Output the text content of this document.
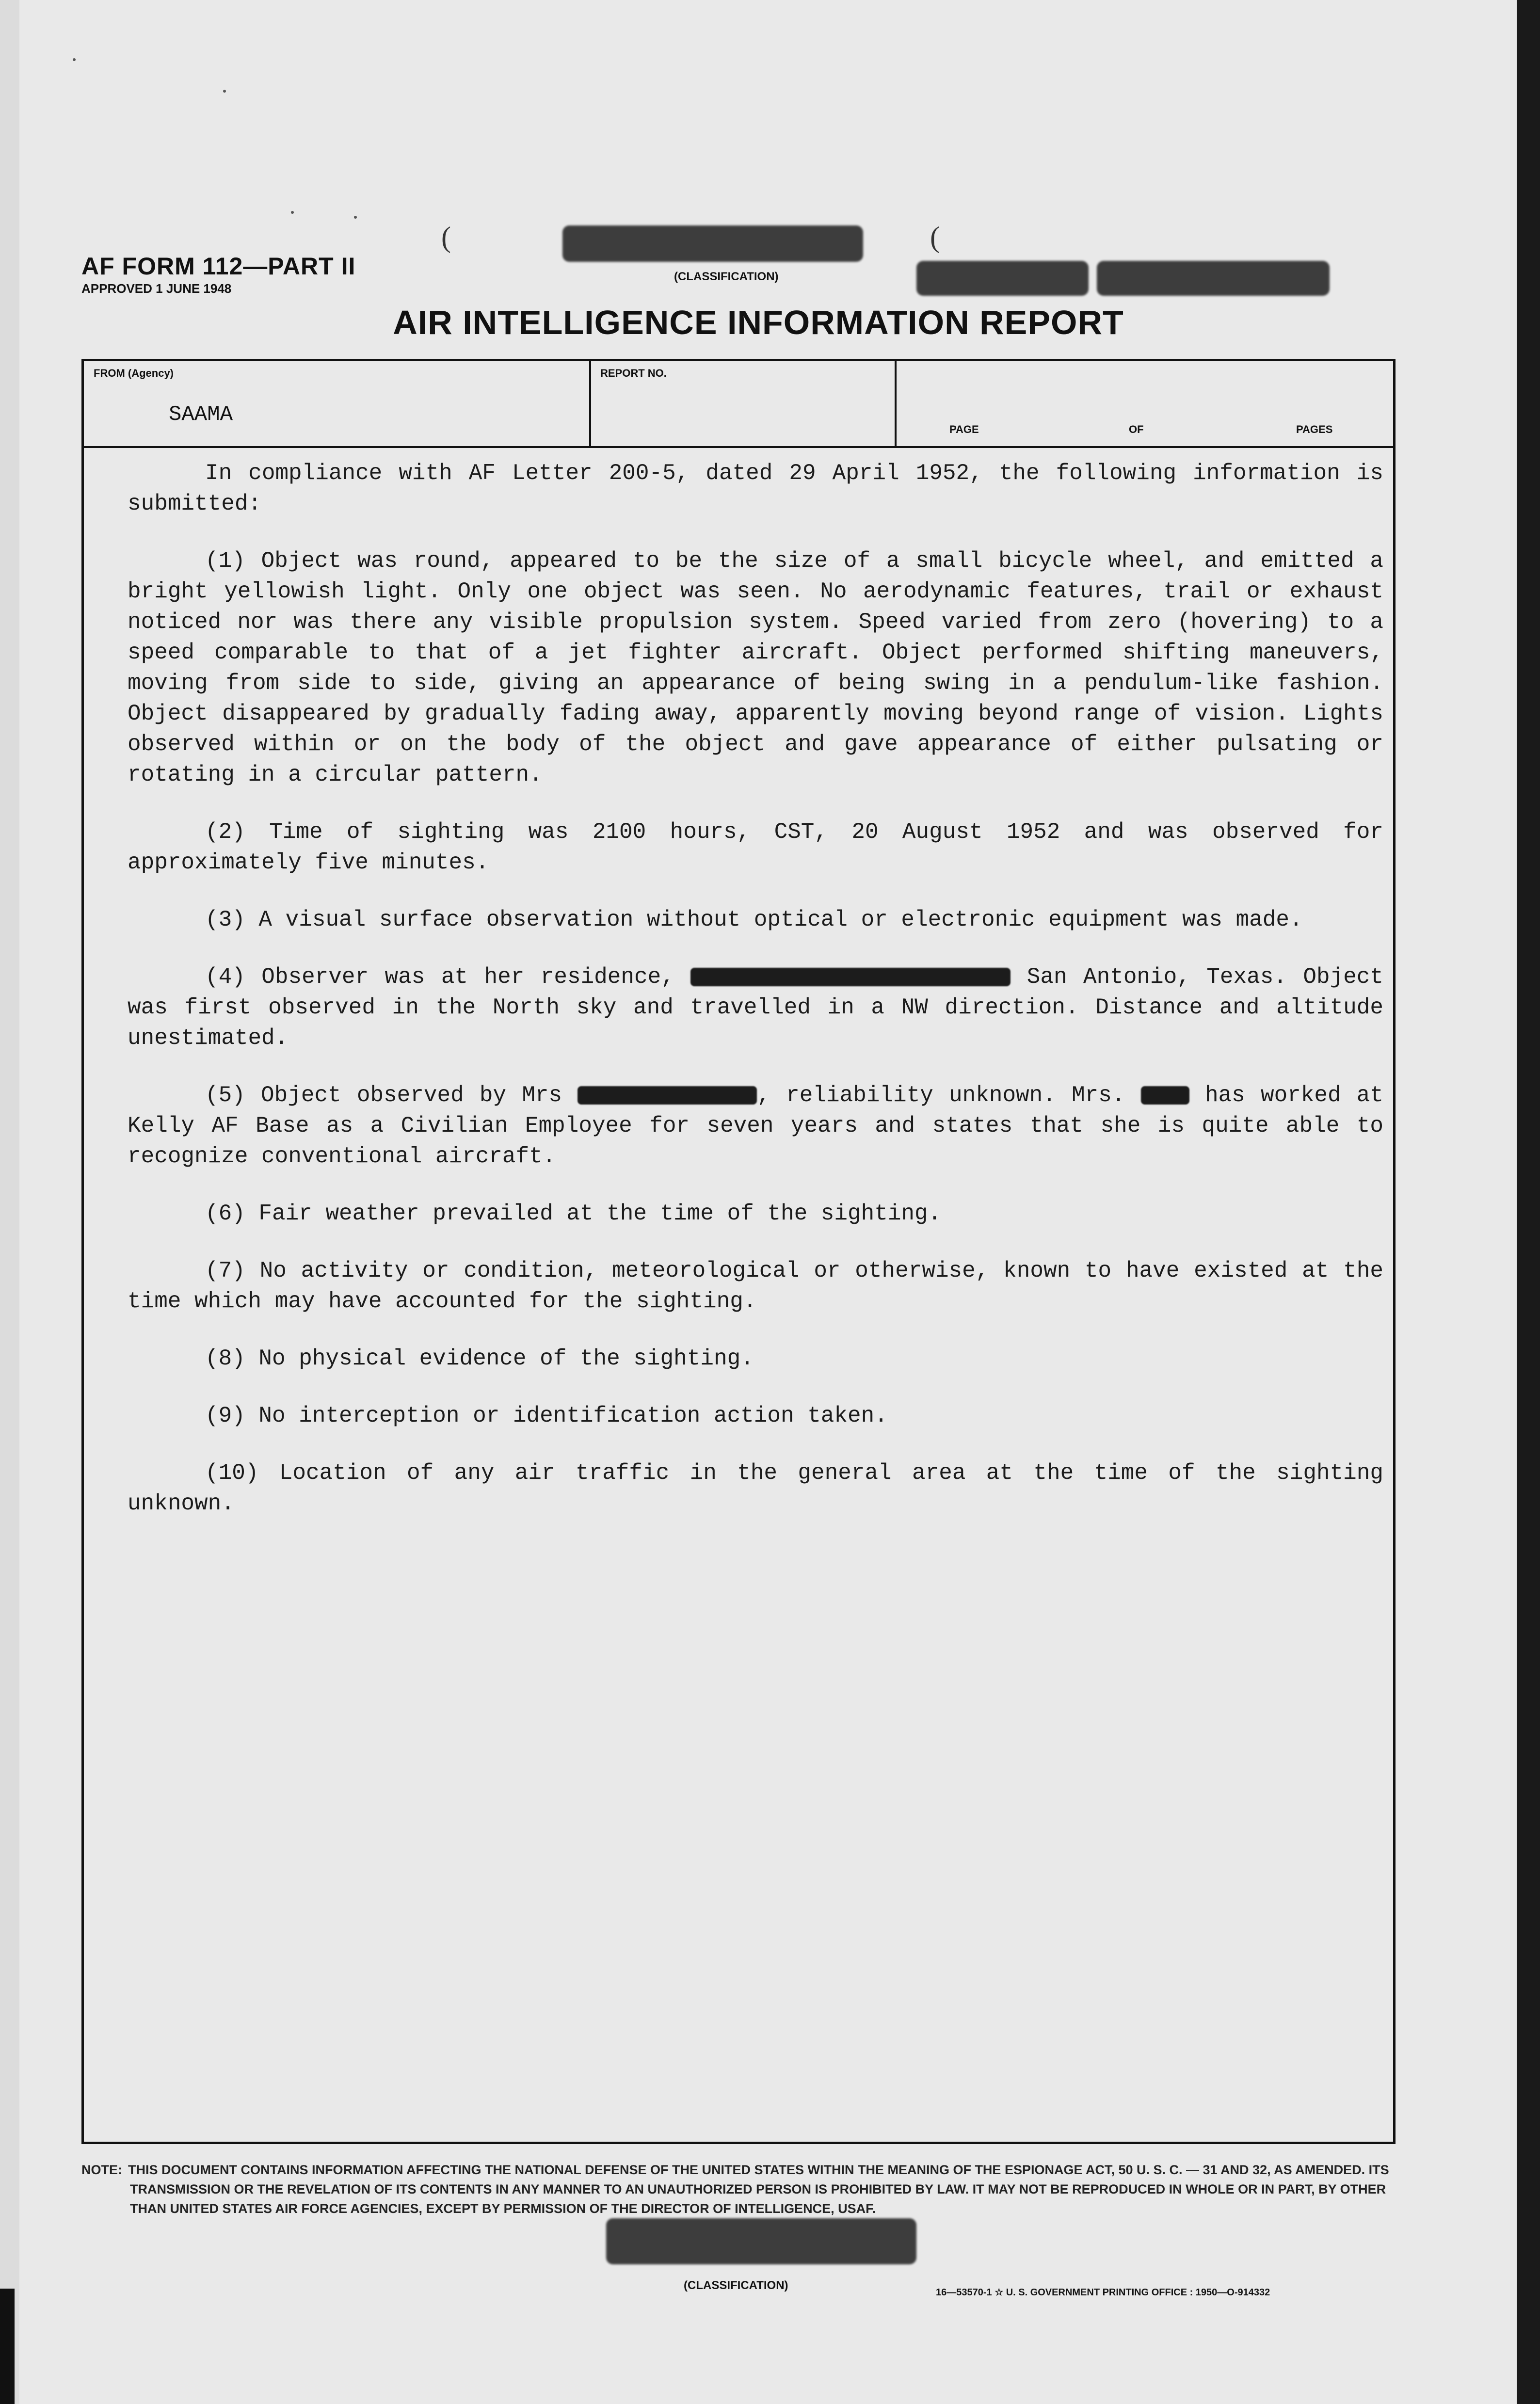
AF FORM 112—PART II
APPROVED 1 JUNE 1948
(	(
(CLASSIFICATION)
AIR INTELLIGENCE INFORMATION REPORT
FROM (Agency)
SAAMA
REPORT NO.
PAGE	OF	PAGES

In compliance with AF Letter 200-5, dated 29 April 1952, the following information is submitted:

(1) Object was round, appeared to be the size of a small bicycle wheel, and emitted a bright yellowish light. Only one object was seen. No aerodynamic features, trail or exhaust noticed nor was there any visible propulsion system. Speed varied from zero (hovering) to a speed comparable to that of a jet fighter aircraft. Object performed shifting maneuvers, moving from side to side, giving an appearance of being swing in a pendulum-like fashion. Object disappeared by gradually fading away, apparently moving beyond range of vision. Lights observed within or on the body of the object and gave appearance of either pulsating or rotating in a circular pattern.

(2) Time of sighting was 2100 hours, CST, 20 August 1952 and was observed for approximately five minutes.

(3) A visual surface observation without optical or electronic equipment was made.

(4) Observer was at her residence,	San Antonio, Texas. Object was first observed in the North sky and travelled in a NW direction. Distance and altitude unestimated.

(5) Object observed by Mrs	, reliability unknown. Mrs.	has worked at Kelly AF Base as a Civilian Employee for seven years and states that she is quite able to recognize conventional aircraft.

(6) Fair weather prevailed at the time of the sighting.

(7) No activity or condition, meteorological or otherwise, known to have existed at the time which may have accounted for the sighting.

(8) No physical evidence of the sighting.

(9) No interception or identification action taken.

(10) Location of any air traffic in the general area at the time of the sighting unknown.

NOTE: THIS DOCUMENT CONTAINS INFORMATION AFFECTING THE NATIONAL DEFENSE OF THE UNITED STATES WITHIN THE MEANING OF THE ESPIONAGE ACT, 50 U. S. C. — 31 AND 32, AS AMENDED. ITS TRANSMISSION OR THE REVELATION OF ITS CONTENTS IN ANY MANNER TO AN UNAUTHORIZED PERSON IS PROHIBITED BY LAW. IT MAY NOT BE REPRODUCED IN WHOLE OR IN PART, BY OTHER THAN UNITED STATES AIR FORCE AGENCIES, EXCEPT BY PERMISSION OF THE DIRECTOR OF INTELLIGENCE, USAF.
(CLASSIFICATION)
16—53570-1 ☆ U. S. GOVERNMENT PRINTING OFFICE : 1950—O-914332
